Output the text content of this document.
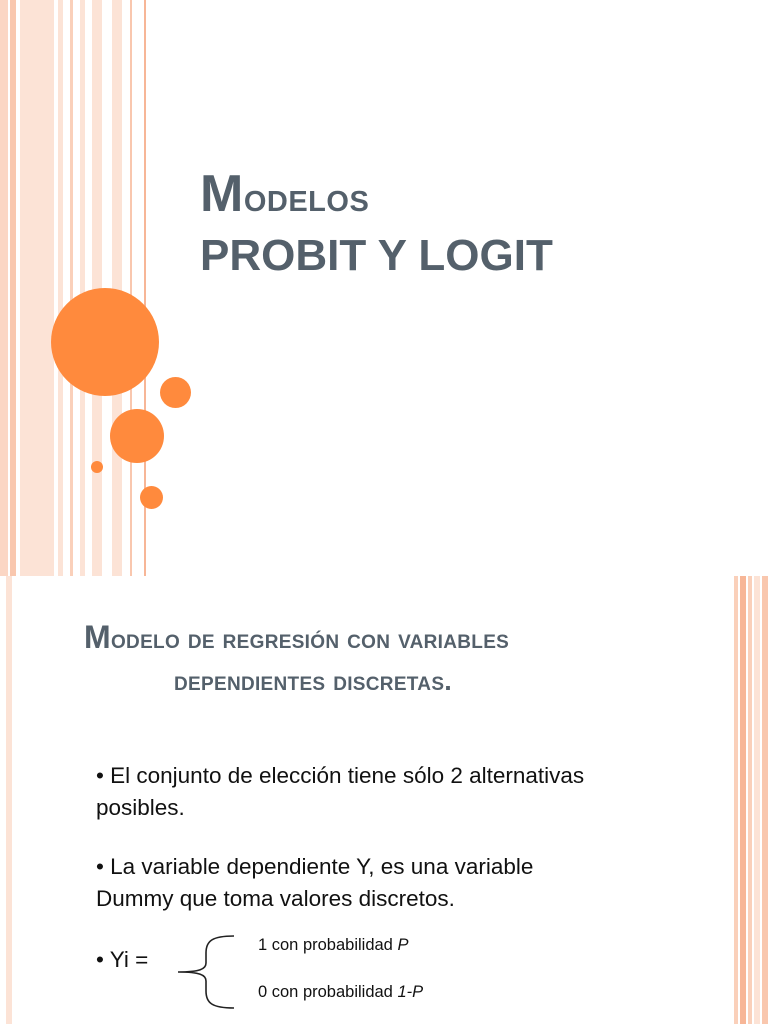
Modelos
PROBIT Y LOGIT
Modelo de regresión con variables
dependientes discretas.
• El conjunto de elección tiene sólo 2 alternativas
posibles.
• La variable dependiente Y, es una variable
Dummy que toma valores discretos.
• Yi =
1 con probabilidad P
0 con probabilidad 1-P
